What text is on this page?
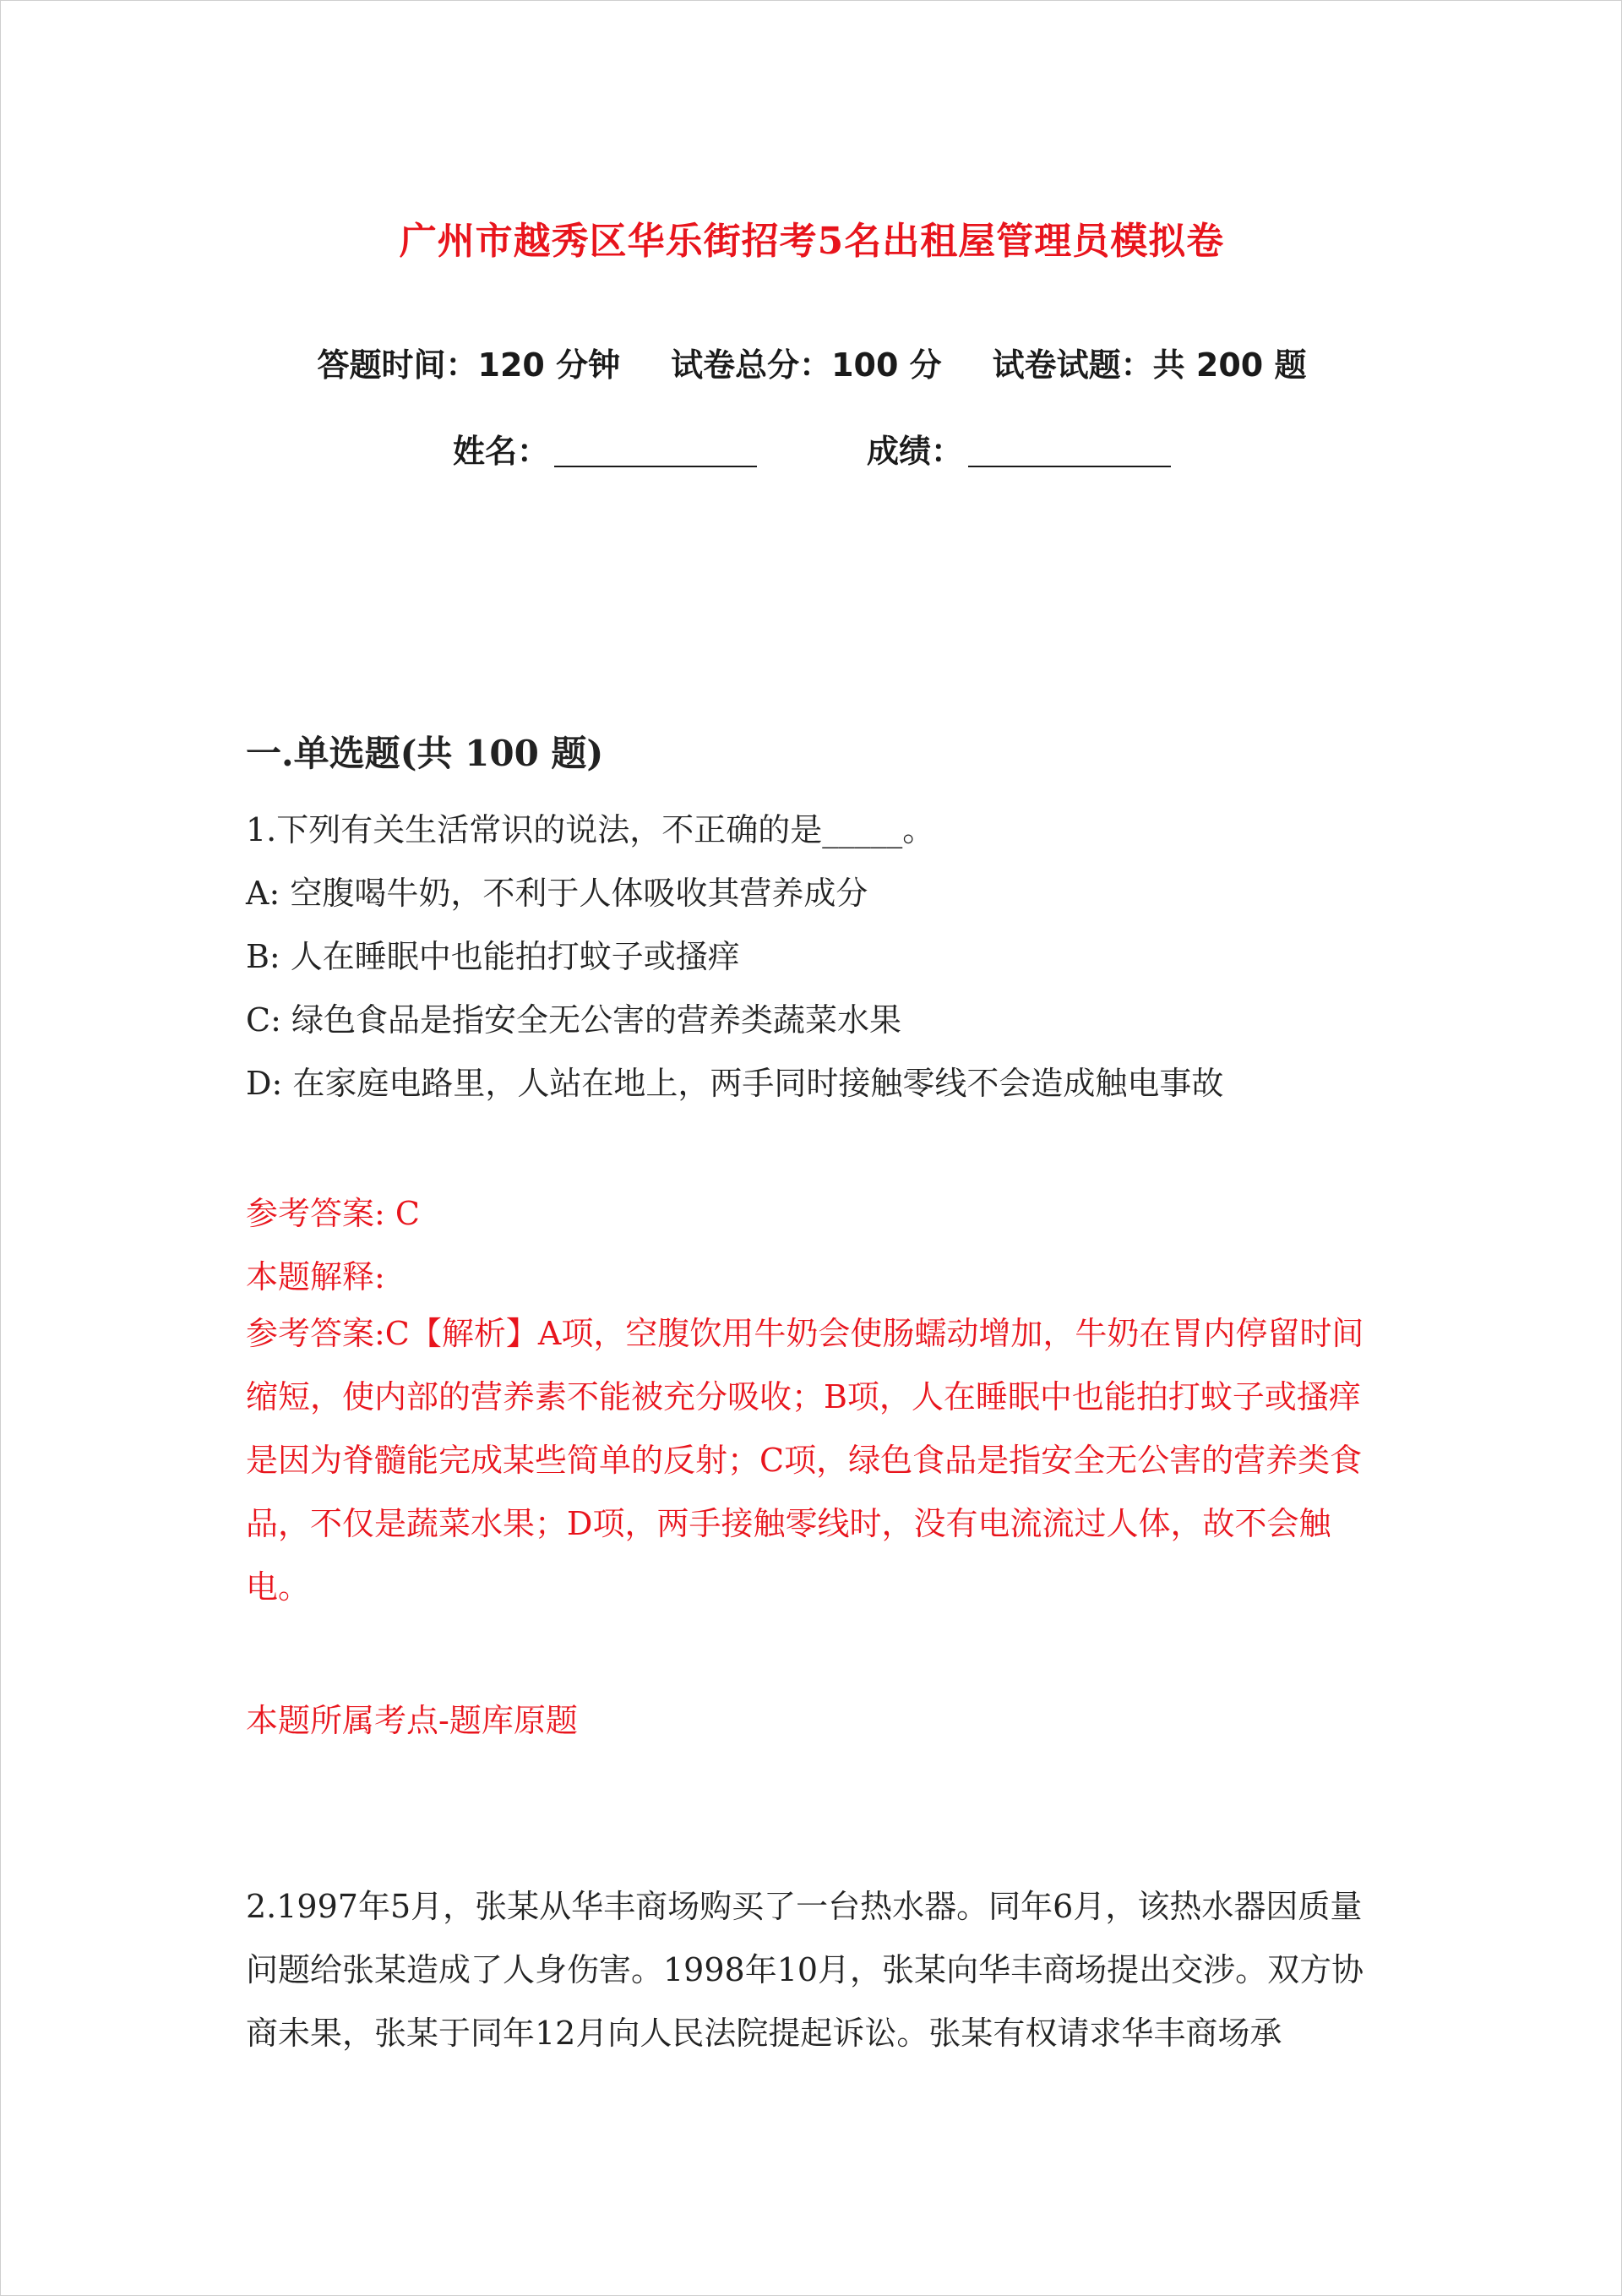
广州市越秀区华乐街招考5名出租屋管理员模拟卷
答题时间：120 分钟 试卷总分：100 分 试卷试题：共 200 题
姓名：	成绩：
一.单选题(共 100 题)
1.下列有关生活常识的说法，不正确的是_____。
A: 空腹喝牛奶，不利于人体吸收其营养成分
B: 人在睡眠中也能拍打蚊子或搔痒
C: 绿色食品是指安全无公害的营养类蔬菜水果
D: 在家庭电路里，人站在地上，两手同时接触零线不会造成触电事故
参考答案: C
本题解释:
参考答案:C【解析】A项，空腹饮用牛奶会使肠蠕动增加，牛奶在胃内停留时间缩短，使内部的营养素不能被充分吸收；B项，人在睡眠中也能拍打蚊子或搔痒是因为脊髓能完成某些简单的反射；C项，绿色食品是指安全无公害的营养类食品，不仅是蔬菜水果；D项，两手接触零线时，没有电流流过人体，故不会触电。
本题所属考点-题库原题
2.1997年5月，张某从华丰商场购买了一台热水器。同年6月，该热水器因质量问题给张某造成了人身伤害。1998年10月，张某向华丰商场提出交涉。双方协商未果，张某于同年12月向人民法院提起诉讼。张某有权请求华丰商场承
